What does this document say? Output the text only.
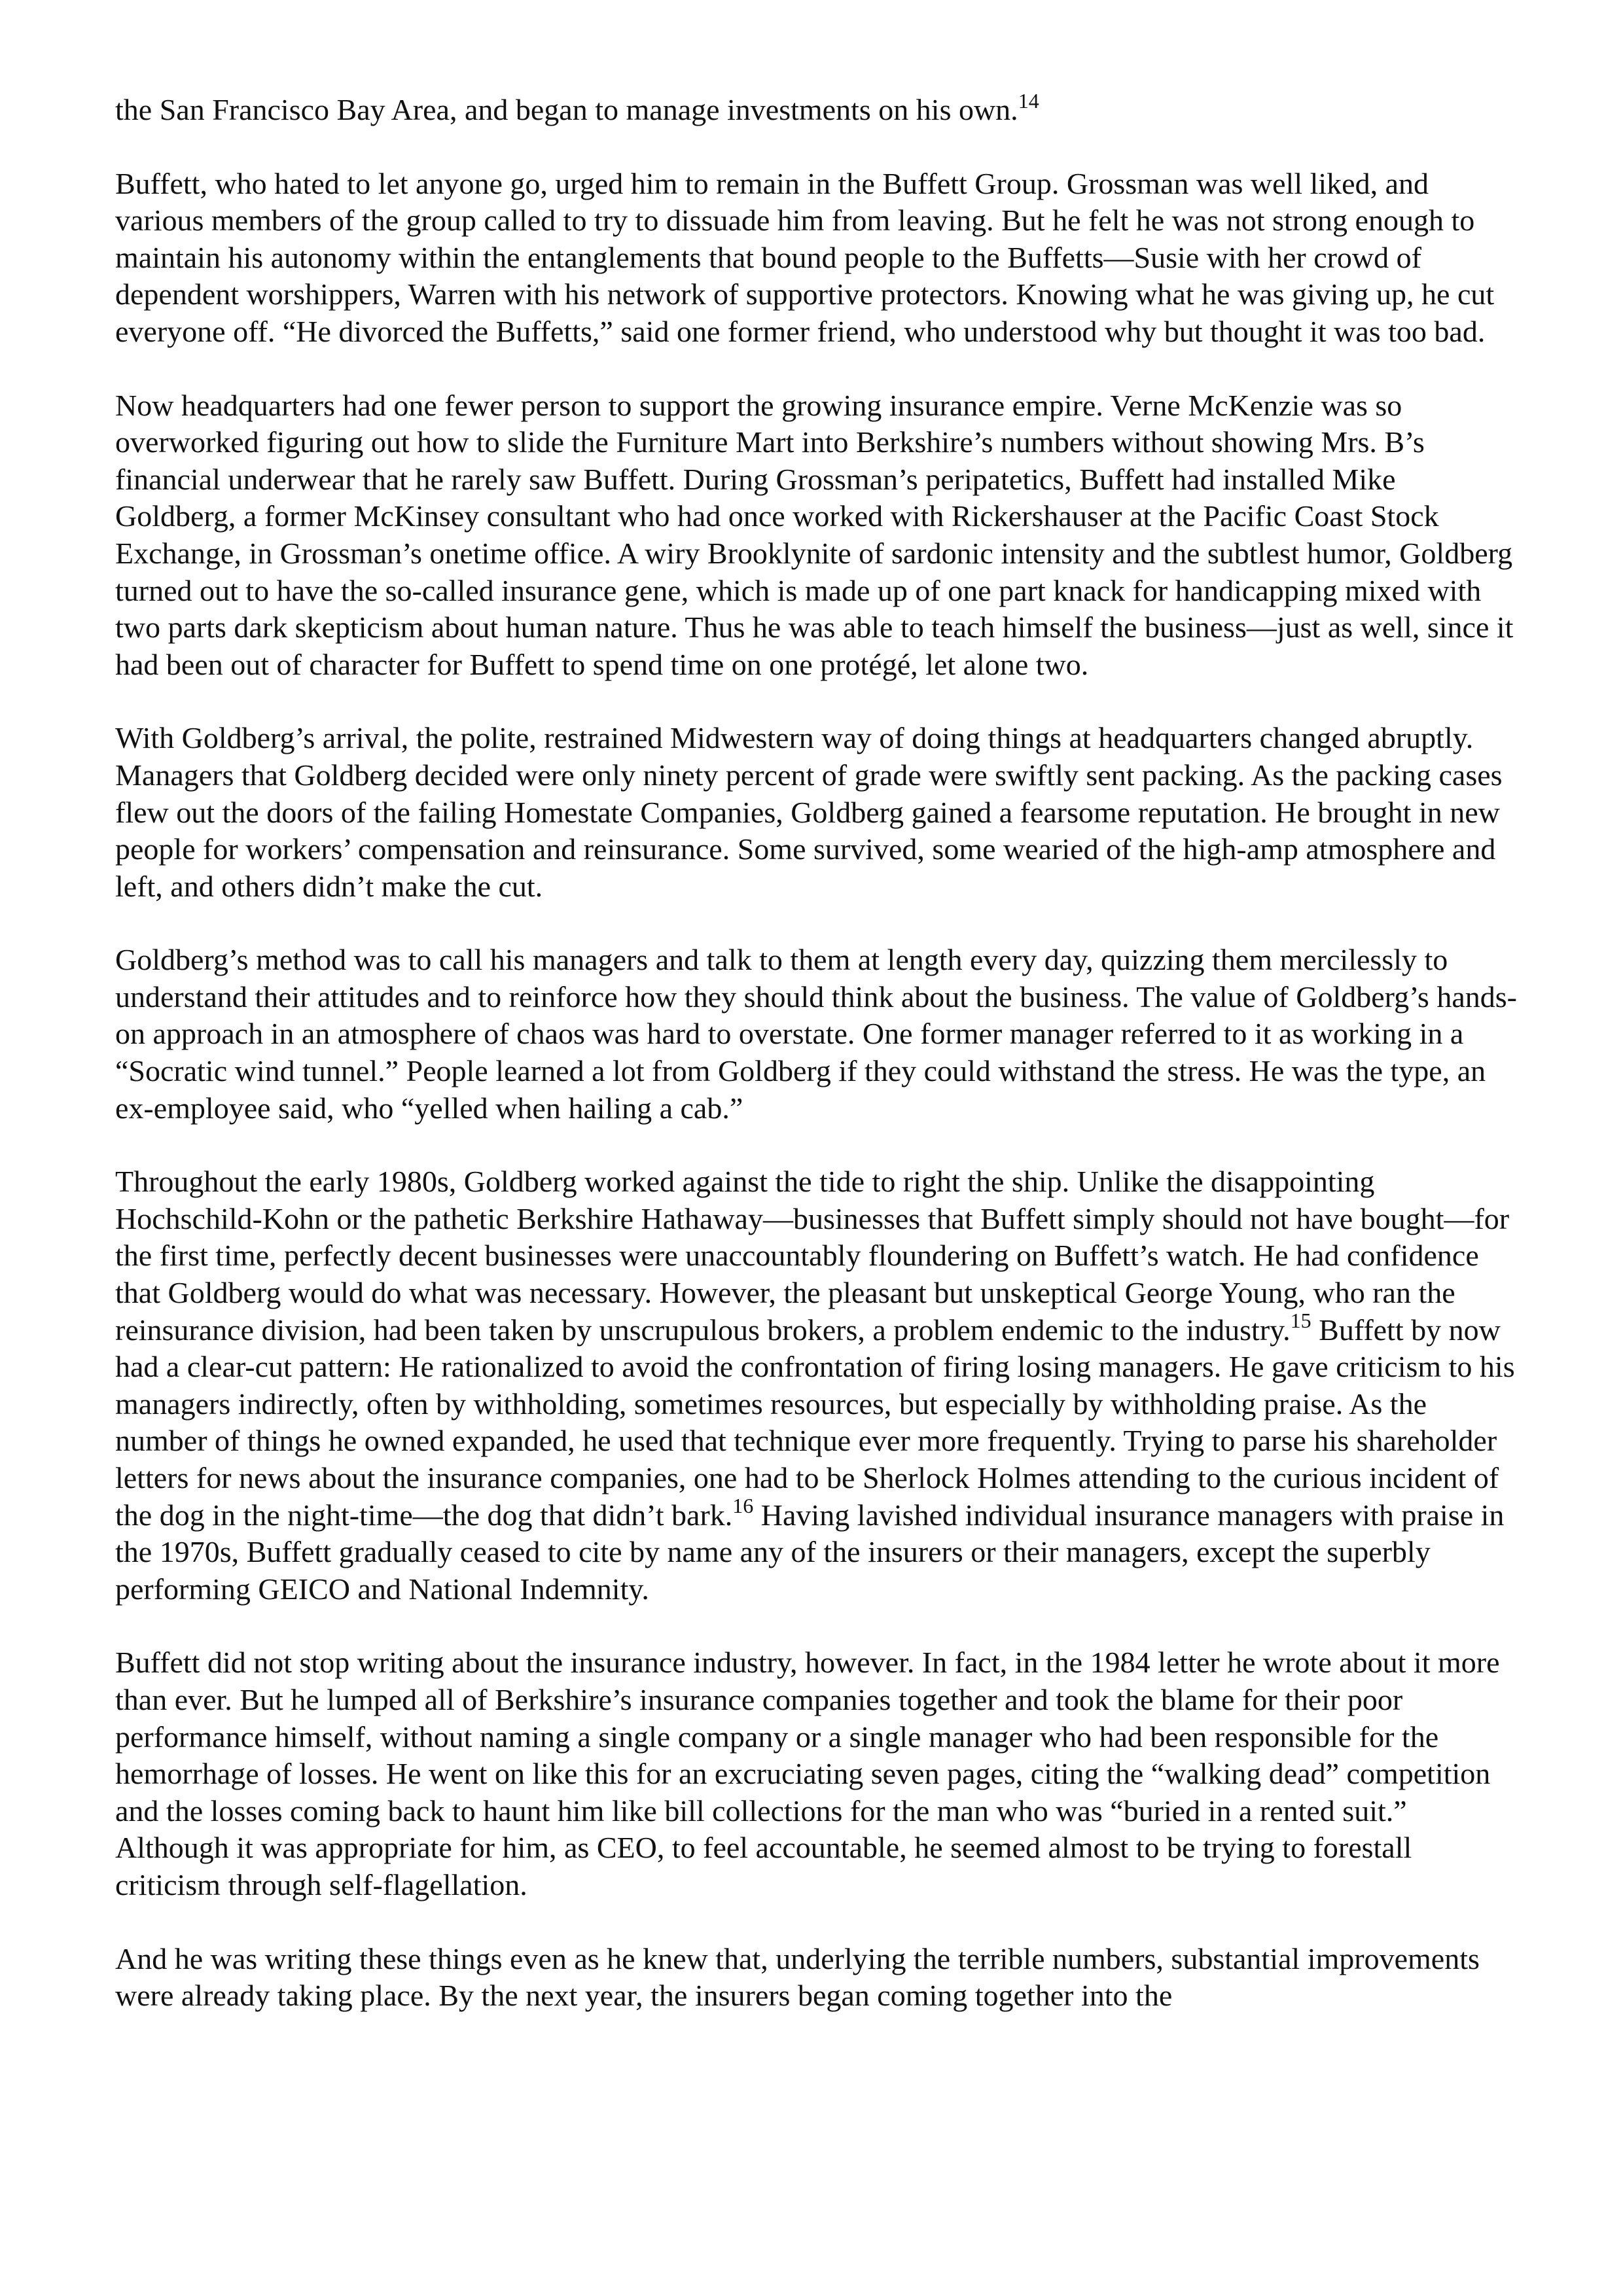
the San Francisco Bay Area, and began to manage investments on his own.$^{14}$

Buffett, who hated to let anyone go, urged him to remain in the Buffett Group. Grossman was well liked, and various members of the group called to try to dissuade him from leaving. But he felt he was not strong enough to maintain his autonomy within the entanglements that bound people to the Buffetts—Susie with her crowd of dependent worshippers, Warren with his network of supportive protectors. Knowing what he was giving up, he cut everyone off. “He divorced the Buffetts,” said one former friend, who understood why but thought it was too bad.

Now headquarters had one fewer person to support the growing insurance empire. Verne McKenzie was so overworked figuring out how to slide the Furniture Mart into Berkshire’s numbers without showing Mrs. B’s financial underwear that he rarely saw Buffett. During Grossman’s peripatetics, Buffett had installed Mike Goldberg, a former McKinsey consultant who had once worked with Rickershauser at the Pacific Coast Stock Exchange, in Grossman’s onetime office. A wiry Brooklynite of sardonic intensity and the subtlest humor, Goldberg turned out to have the so-called insurance gene, which is made up of one part knack for handicapping mixed with two parts dark skepticism about human nature. Thus he was able to teach himself the business—just as well, since it had been out of character for Buffett to spend time on one protégé, let alone two.

With Goldberg’s arrival, the polite, restrained Midwestern way of doing things at headquarters changed abruptly. Managers that Goldberg decided were only ninety percent of grade were swiftly sent packing. As the packing cases flew out the doors of the failing Homestate Companies, Goldberg gained a fearsome reputation. He brought in new people for workers’ compensation and reinsurance. Some survived, some wearied of the high-amp atmosphere and left, and others didn’t make the cut.

Goldberg’s method was to call his managers and talk to them at length every day, quizzing them mercilessly to understand their attitudes and to reinforce how they should think about the business. The value of Goldberg’s hands-on approach in an atmosphere of chaos was hard to overstate. One former manager referred to it as working in a “Socratic wind tunnel.” People learned a lot from Goldberg if they could withstand the stress. He was the type, an ex-employee said, who “yelled when hailing a cab.”

Throughout the early 1980s, Goldberg worked against the tide to right the ship. Unlike the disappointing Hochschild-Kohn or the pathetic Berkshire Hathaway—businesses that Buffett simply should not have bought—for the first time, perfectly decent businesses were unaccountably floundering on Buffett’s watch. He had confidence that Goldberg would do what was necessary. However, the pleasant but unskeptical George Young, who ran the reinsurance division, had been taken by unscrupulous brokers, a problem endemic to the industry.$^{15}$ Buffett by now had a clear-cut pattern: He rationalized to avoid the confrontation of firing losing managers. He gave criticism to his managers indirectly, often by withholding, sometimes resources, but especially by withholding praise. As the number of things he owned expanded, he used that technique ever more frequently. Trying to parse his shareholder letters for news about the insurance companies, one had to be Sherlock Holmes attending to the curious incident of the dog in the night-time—the dog that didn’t bark.$^{16}$ Having lavished individual insurance managers with praise in the 1970s, Buffett gradually ceased to cite by name any of the insurers or their managers, except the superbly performing GEICO and National Indemnity.

Buffett did not stop writing about the insurance industry, however. In fact, in the 1984 letter he wrote about it more than ever. But he lumped all of Berkshire’s insurance companies together and took the blame for their poor performance himself, without naming a single company or a single manager who had been responsible for the hemorrhage of losses. He went on like this for an excruciating seven pages, citing the “walking dead” competition and the losses coming back to haunt him like bill collections for the man who was “buried in a rented suit.” Although it was appropriate for him, as CEO, to feel accountable, he seemed almost to be trying to forestall criticism through self-flagellation.

And he was writing these things even as he knew that, underlying the terrible numbers, substantial improvements were already taking place. By the next year, the insurers began coming together into the
